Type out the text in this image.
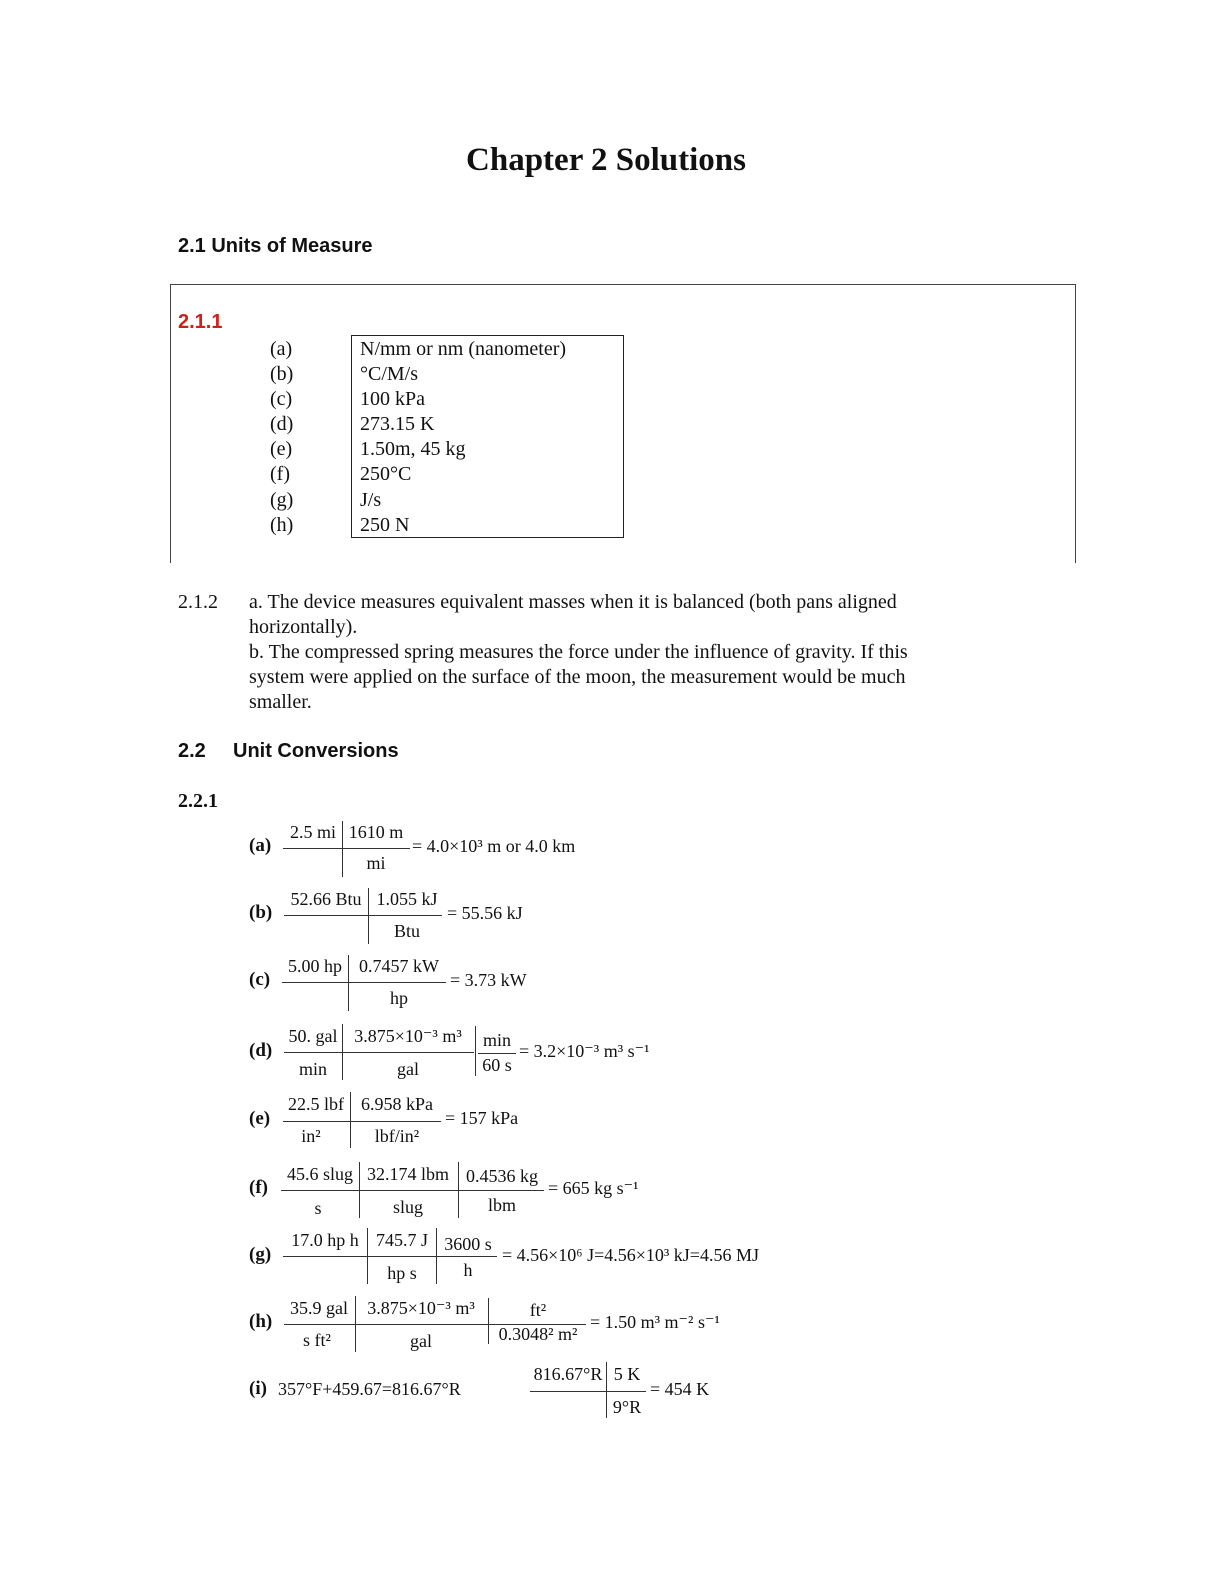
Chapter 2 Solutions
2.1 Units of Measure
2.1.1
(a)
(b)
(c)
(d)
(e)
(f)
(g)
(h)
N/mm or nm (nanometer)
°C/M/s
100 kPa
273.15 K
1.50m, 45 kg
250°C
J/s
250 N
2.1.2 a. The device measures equivalent masses when it is balanced (both pans aligned
horizontally).
b. The compressed spring measures the force under the influence of gravity. If this
system were applied on the surface of the moon, the measurement would be much
smaller.
2.2 Unit Conversions
2.2.1
(a)
2.5 mi 1610 m
mi
= 4.0×10³ m or 4.0 km
(b)
52.66 Btu 1.055 kJ
Btu
= 55.56 kJ
(c)
5.00 hp 0.7457 kW
hp
= 3.73 kW
(d)
50. gal
min
3.875×10⁻³ m³
gal
min
60 s
= 3.2×10⁻³ m³ s⁻¹
(e)
22.5 lbf
in²
6.958 kPa
lbf/in²
= 157 kPa
(f)
45.6 slug
s
32.174 lbm
slug
0.4536 kg
lbm
= 665 kg s⁻¹
(g)
17.0 hp h 745.7 J
hp s
3600 s
h
= 4.56×10⁶ J=4.56×10³ kJ=4.56 MJ
(h)
35.9 gal
s ft²
3.875×10⁻³ m³
gal
ft²
0.3048² m²
= 1.50 m³ m⁻² s⁻¹
(i) 357°F+459.67=816.67°R
816.67°R 5 K
9°R
= 454 K
